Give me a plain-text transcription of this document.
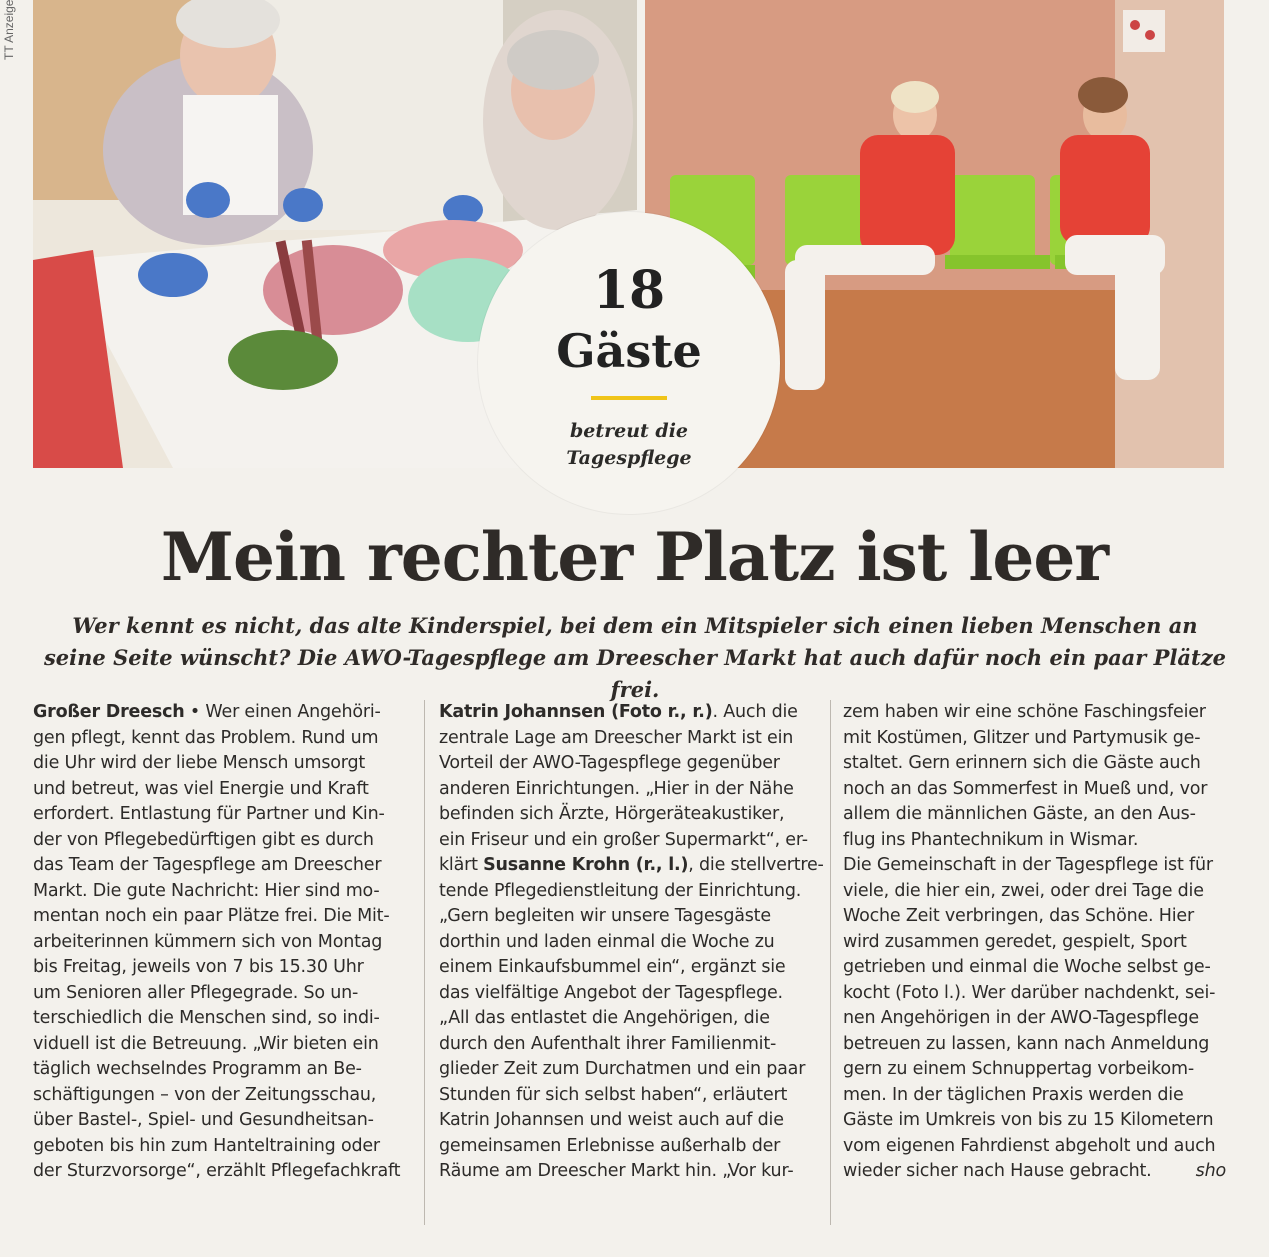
TT Anzeige
18
Gäste
betreut die
Tagespflege
Mein rechter Platz ist leer
Wer kennt es nicht, das alte Kinderspiel, bei dem ein Mitspieler sich einen lieben Menschen an seine Seite wünscht? Die AWO-Tagespflege am Dreescher Markt hat auch dafür noch ein paar Plätze frei.
Großer Dreesch • Wer einen Angehöri-
gen pflegt, kennt das Problem. Rund um
die Uhr wird der liebe Mensch umsorgt
und betreut, was viel Energie und Kraft
erfordert. Entlastung für Partner und Kin-
der von Pflegebedürftigen gibt es durch
das Team der Tagespflege am Dreescher
Markt. Die gute Nachricht: Hier sind mo-
mentan noch ein paar Plätze frei. Die Mit-
arbeiterinnen kümmern sich von Montag
bis Freitag, jeweils von 7 bis 15.30 Uhr
um Senioren aller Pflegegrade. So un-
terschiedlich die Menschen sind, so indi-
viduell ist die Betreuung. „Wir bieten ein
täglich wechselndes Programm an Be-
schäftigungen – von der Zeitungsschau,
über Bastel-, Spiel- und Gesundheitsan-
geboten bis hin zum Hanteltraining oder
der Sturzvorsorge“, erzählt Pflegefachkraft
Katrin Johannsen (Foto r., r.). Auch die
zentrale Lage am Dreescher Markt ist ein
Vorteil der AWO-Tagespflege gegenüber
anderen Einrichtungen. „Hier in der Nähe
befinden sich Ärzte, Hörgeräteakustiker,
ein Friseur und ein großer Supermarkt“, er-
klärt Susanne Krohn (r., l.), die stellvertre-
tende Pflegedienstleitung der Einrichtung.
„Gern begleiten wir unsere Tagesgäste
dorthin und laden einmal die Woche zu
einem Einkaufsbummel ein“, ergänzt sie
das vielfältige Angebot der Tagespflege.
„All das entlastet die Angehörigen, die
durch den Aufenthalt ihrer Familienmit-
glieder Zeit zum Durchatmen und ein paar
Stunden für sich selbst haben“, erläutert
Katrin Johannsen und weist auch auf die
gemeinsamen Erlebnisse außerhalb der
Räume am Dreescher Markt hin. „Vor kur-
zem haben wir eine schöne Faschingsfeier
mit Kostümen, Glitzer und Partymusik ge-
staltet. Gern erinnern sich die Gäste auch
noch an das Sommerfest in Mueß und, vor
allem die männlichen Gäste, an den Aus-
flug ins Phantechnikum in Wismar.
Die Gemeinschaft in der Tagespflege ist für
viele, die hier ein, zwei, oder drei Tage die
Woche Zeit verbringen, das Schöne. Hier
wird zusammen geredet, gespielt, Sport
getrieben und einmal die Woche selbst ge-
kocht (Foto l.). Wer darüber nachdenkt, sei-
nen Angehörigen in der AWO-Tagespflege
betreuen zu lassen, kann nach Anmeldung
gern zu einem Schnuppertag vorbeikom-
men. In der täglichen Praxis werden die
Gäste im Umkreis von bis zu 15 Kilometern
vom eigenen Fahrdienst abgeholt und auch
wieder sicher nach Hause gebracht.	sho
